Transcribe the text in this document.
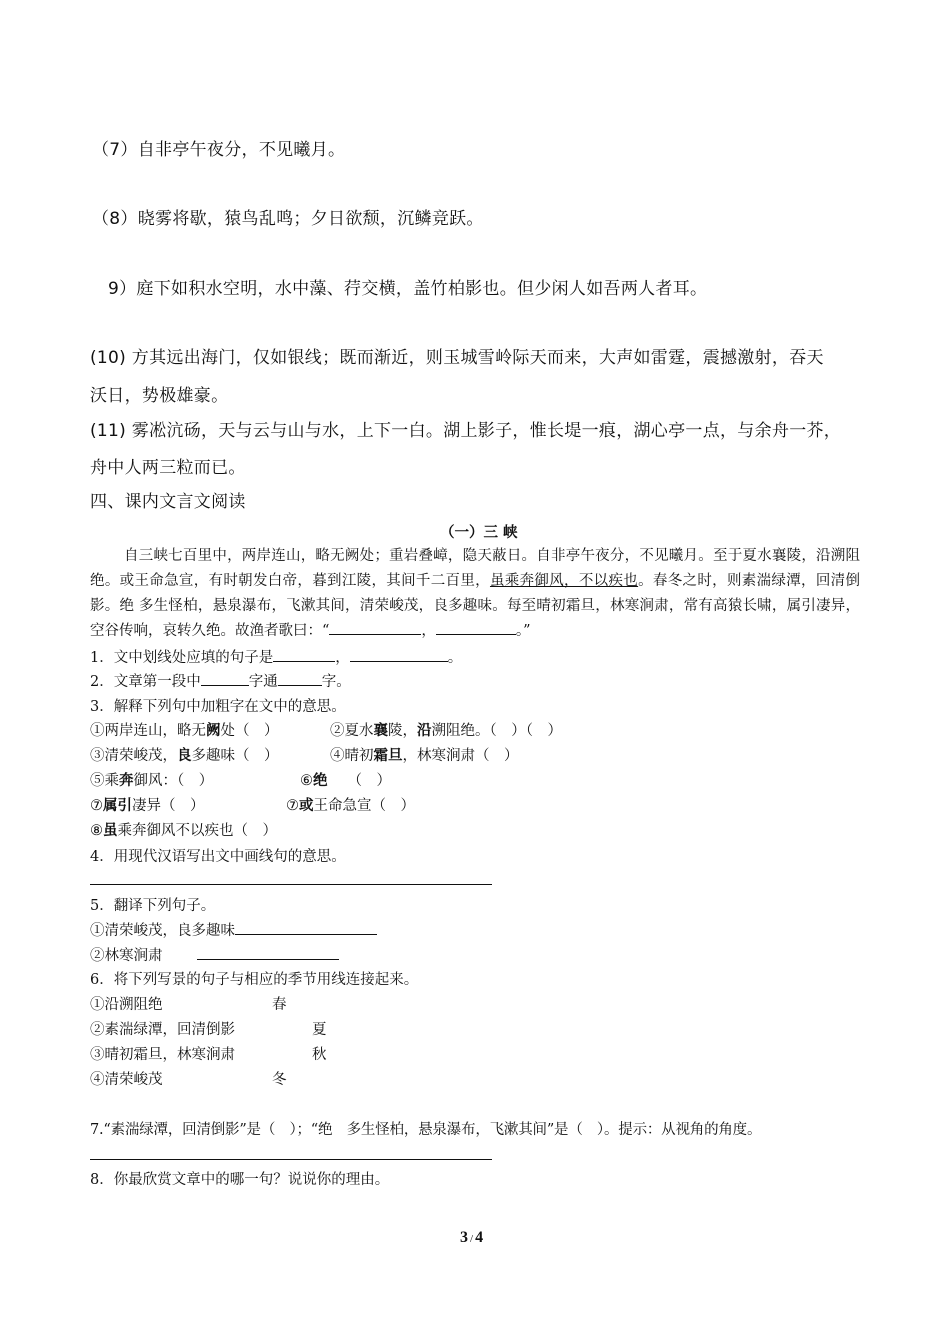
（7）自非亭午夜分，不见曦月。
（8）晓雾将歇，猿鸟乱鸣；夕日欲颓，沉鳞竞跃。
9）庭下如积水空明，水中藻、荇交横，盖竹柏影也。但少闲人如吾两人者耳。
(10) 方其远出海门，仅如银线；既而渐近，则玉城雪岭际天而来，大声如雷霆，震撼激射，吞天
沃日，势极雄豪。
(11) 雾凇沆砀，天与云与山与水，上下一白。湖上影子，惟长堤一痕，湖心亭一点，与余舟一芥，
舟中人两三粒而已。
四、课内文言文阅读
（一）三 峡
自三峡七百里中，两岸连山，略无阙处；重岩叠嶂，隐天蔽日。自非亭午夜分，不见曦月。至于夏水襄陵，沿溯阻绝。或王命急宣，有时朝发白帝，暮到江陵，其间千二百里，虽乘奔御风，不以疾也。春冬之时，则素湍绿潭，回清倒影。绝 多生怪柏，悬泉瀑布，飞漱其间，清荣峻茂，良多趣味。每至晴初霜旦，林寒涧肃，常有高猿长啸，属引凄异，空谷传响，哀转久绝。故渔者歌曰：“	，	。”
1．文中划线处应填的句子是	，	。
2．文章第一段中	字通	字。
3．解释下列句中加粗字在文中的意思。
①两岸连山，略无阙处（　）	②夏水襄陵，沿溯阻绝。（　）（　）
③清荣峻茂，良多趣味（　）	④晴初霜旦，林寒涧肃（　）
⑤乘奔御风：（　）	⑥绝 （　）
⑦属引凄异（　）	⑦或王命急宣（　）
⑧虽乘奔御风不以疾也（　）
4．用现代汉语写出文中画线句的意思。
5．翻译下列句子。
①清荣峻茂，良多趣味
②林寒涧肃
6．将下列写景的句子与相应的季节用线连接起来。
①沿溯阻绝	春
②素湍绿潭，回清倒影	夏
③晴初霜旦，林寒涧肃	秋
④清荣峻茂	冬
7.“素湍绿潭，回清倒影”是（　）；“绝　多生怪柏，悬泉瀑布，飞漱其间”是（　）。提示：从视角的角度。
8．你最欣赏文章中的哪一句？说说你的理由。
3 / 4
